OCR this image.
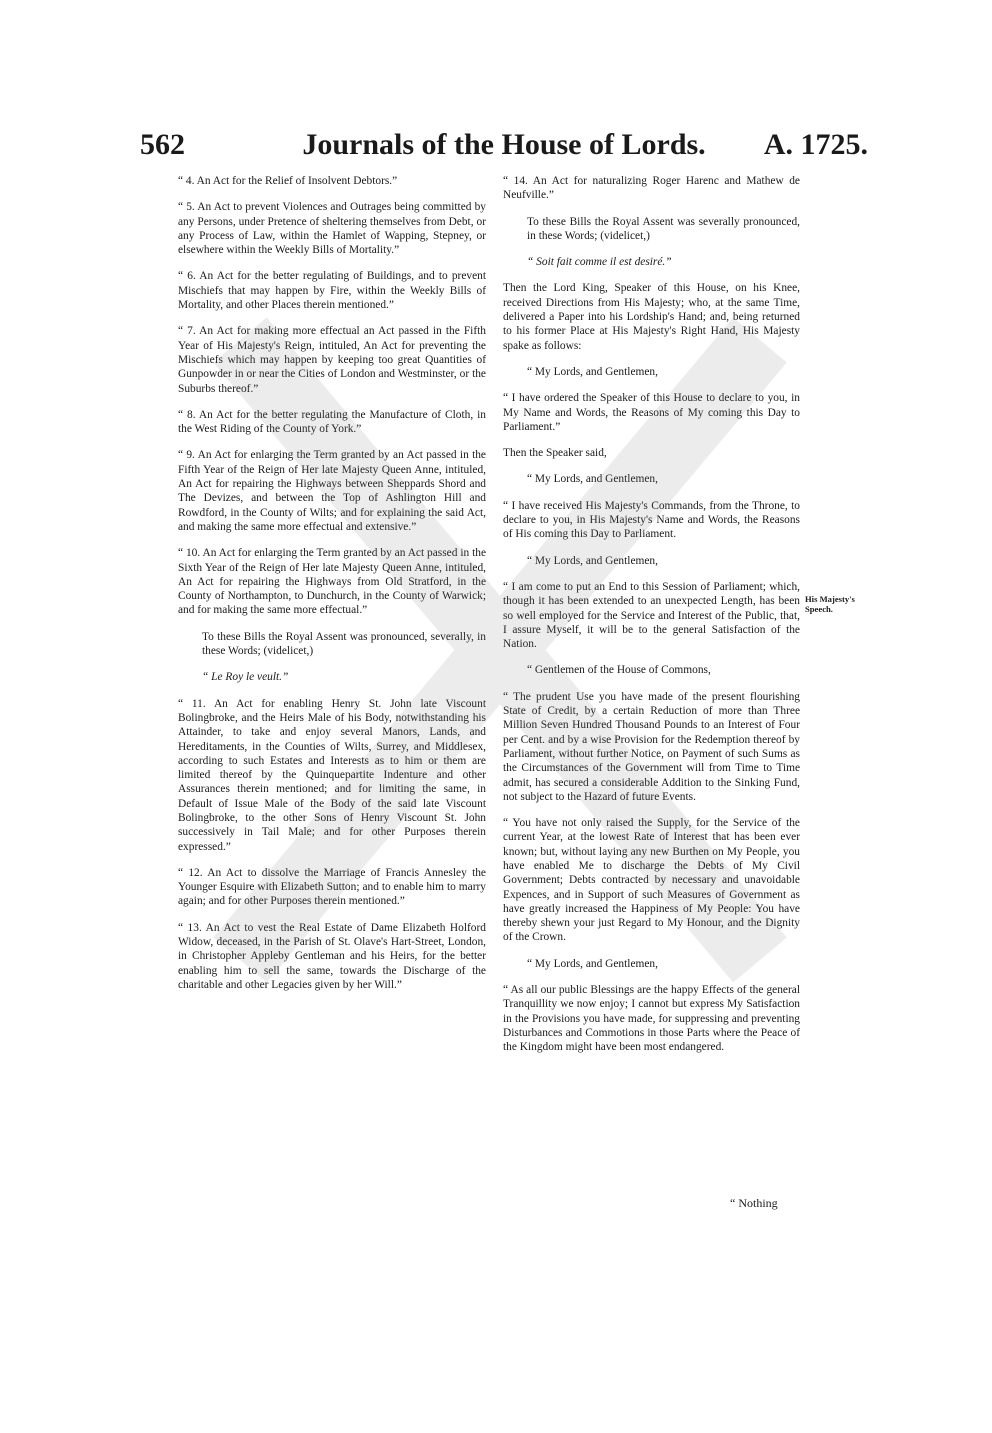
562	Journals of the House of Lords.	A. 1725.

“ 4. An Act for the Relief of Insolvent Debtors.”

“ 5. An Act to prevent Violences and Outrages being committed by any Persons, under Pretence of sheltering themselves from Debt, or any Process of Law, within the Hamlet of Wapping, Stepney, or elsewhere within the Weekly Bills of Mortality.”

“ 6. An Act for the better regulating of Buildings, and to prevent Mischiefs that may happen by Fire, within the Weekly Bills of Mortality, and other Places therein mentioned.”

“ 7. An Act for making more effectual an Act passed in the Fifth Year of His Majesty's Reign, intituled, An Act for preventing the Mischiefs which may happen by keeping too great Quantities of Gunpowder in or near the Cities of London and Westminster, or the Suburbs thereof.”

“ 8. An Act for the better regulating the Manufacture of Cloth, in the West Riding of the County of York.”

“ 9. An Act for enlarging the Term granted by an Act passed in the Fifth Year of the Reign of Her late Majesty Queen Anne, intituled, An Act for repairing the Highways between Sheppards Shord and The Devizes, and between the Top of Ashlington Hill and Rowdford, in the County of Wilts; and for explaining the said Act, and making the same more effectual and extensive.”

“ 10. An Act for enlarging the Term granted by an Act passed in the Sixth Year of the Reign of Her late Majesty Queen Anne, intituled, An Act for repairing the Highways from Old Stratford, in the County of Northampton, to Dunchurch, in the County of Warwick; and for making the same more effectual.”

To these Bills the Royal Assent was pronounced, severally, in these Words; (videlicet,)

“ Le Roy le veult.”

“ 11. An Act for enabling Henry St. John late Viscount Bolingbroke, and the Heirs Male of his Body, notwithstanding his Attainder, to take and enjoy several Manors, Lands, and Hereditaments, in the Counties of Wilts, Surrey, and Middlesex, according to such Estates and Interests as to him or them are limited thereof by the Quinquepartite Indenture and other Assurances therein mentioned; and for limiting the same, in Default of Issue Male of the Body of the said late Viscount Bolingbroke, to the other Sons of Henry Viscount St. John successively in Tail Male; and for other Purposes therein expressed.”

“ 12. An Act to dissolve the Marriage of Francis Annesley the Younger Esquire with Elizabeth Sutton; and to enable him to marry again; and for other Purposes therein mentioned.”

“ 13. An Act to vest the Real Estate of Dame Elizabeth Holford Widow, deceased, in the Parish of St. Olave's Hart-Street, London, in Christopher Appleby Gentleman and his Heirs, for the better enabling him to sell the same, towards the Discharge of the charitable and other Legacies given by her Will.”

“ 14. An Act for naturalizing Roger Harenc and Mathew de Neufville.”

To these Bills the Royal Assent was severally pronounced, in these Words; (videlicet,)

“ Soit fait comme il est desiré.”

Then the Lord King, Speaker of this House, on his Knee, received Directions from His Majesty; who, at the same Time, delivered a Paper into his Lordship's Hand; and, being returned to his former Place at His Majesty's Right Hand, His Majesty spake as follows:

“ My Lords, and Gentlemen,

“ I have ordered the Speaker of this House to declare to you, in My Name and Words, the Reasons of My coming this Day to Parliament.”

Then the Speaker said,

“ My Lords, and Gentlemen,

“ I have received His Majesty's Commands, from the Throne, to declare to you, in His Majesty's Name and Words, the Reasons of His coming this Day to Parliament.

“ My Lords, and Gentlemen,

“ I am come to put an End to this Session of Parliament; which, though it has been extended to an unexpected Length, has been so well employed for the Service and Interest of the Public, that, I assure Myself, it will be to the general Satisfaction of the Nation.

“ Gentlemen of the House of Commons,

“ The prudent Use you have made of the present flourishing State of Credit, by a certain Reduction of more than Three Million Seven Hundred Thousand Pounds to an Interest of Four per Cent. and by a wise Provision for the Redemption thereof by Parliament, without further Notice, on Payment of such Sums as the Circumstances of the Government will from Time to Time admit, has secured a considerable Addition to the Sinking Fund, not subject to the Hazard of future Events.

“ You have not only raised the Supply, for the Service of the current Year, at the lowest Rate of Interest that has been ever known; but, without laying any new Burthen on My People, you have enabled Me to discharge the Debts of My Civil Government; Debts contracted by necessary and unavoidable Expences, and in Support of such Measures of Government as have greatly increased the Happiness of My People: You have thereby shewn your just Regard to My Honour, and the Dignity of the Crown.

“ My Lords, and Gentlemen,

“ As all our public Blessings are the happy Effects of the general Tranquillity we now enjoy; I cannot but express My Satisfaction in the Provisions you have made, for suppressing and preventing Disturbances and Commotions in those Parts where the Peace of the Kingdom might have been most endangered.

His Majesty's Speech.
“ Nothing
